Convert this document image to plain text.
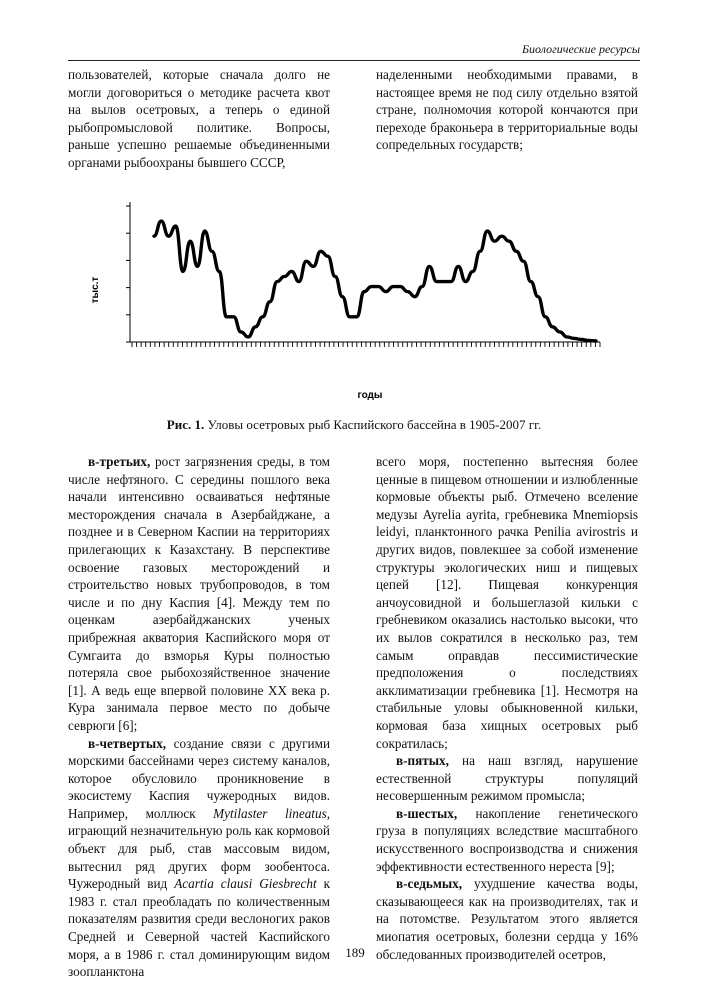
Биологические ресурсы

пользователей, которые сначала долго не могли договориться о методике расчета квот на вылов осетровых, а теперь о единой рыбопромысловой политике. Вопросы, раньше успешно решаемые объединенными органами рыбоохраны бывшего СССР,

наделенными необходимыми правами, в настоящее время не под силу отдельно взятой стране, полномочия которой кончаются при переходе браконьера в территориальные воды сопредельных государств;

тыс.т
годы
Рис. 1. Уловы осетровых рыб Каспийского бассейна в 1905-2007 гг.

в-третьих, рост загрязнения среды, в том числе нефтяного. С середины пошлого века начали интенсивно осваиваться нефтяные месторождения сначала в Азербайджане, а позднее и в Северном Каспии на территориях прилегающих к Казахстану. В перспективе освоение газовых месторождений и строительство новых трубопроводов, в том числе и по дну Каспия [4]. Между тем по оценкам азербайджанских ученых прибрежная акватория Каспийского моря от Сумгаита до взморья Куры полностью потеряла свое рыбохозяйственное значение [1]. А ведь еще впервой половине XX века р. Кура занимала первое место по добыче севрюги [6];

в-четвертых, создание связи с другими морскими бассейнами через систему каналов, которое обусловило проникновение в экосистему Каспия чужеродных видов. Например, моллюск Mytilaster lineatus, играющий незначительную роль как кормовой объект для рыб, став массовым видом, вытеснил ряд других форм зообентоса. Чужеродный вид Acartia clausi Giesbrecht к 1983 г. стал преобладать по количественным показателям развития среди веслоногих раков Средней и Северной частей Каспийского моря, а в 1986 г. стал доминирующим видом зоопланктона

всего моря, постепенно вытесняя более ценные в пищевом отношении и излюбленные кормовые объекты рыб. Отмечено вселение медузы Ayrelia ayrita, гребневика Mnemiopsis leidyi, планктонного рачка Penilia avirostris и других видов, повлекшее за собой изменение структуры экологических ниш и пищевых цепей [12]. Пищевая конкуренция анчоусовидной и большеглазой кильки с гребневиком оказались настолько высоки, что их вылов сократился в несколько раз, тем самым оправдав пессимистические предположения о последствиях акклиматизации гребневика [1]. Несмотря на стабильные уловы обыкновенной кильки, кормовая база хищных осетровых рыб сократилась;

в-пятых, на наш взгляд, нарушение естественной структуры популяций несовершенным режимом промысла;

в-шестых, накопление генетического груза в популяциях вследствие масштабного искусственного воспроизводства и снижения эффективности естественного нереста [9];

в-седьмых, ухудшение качества воды, сказывающееся как на производителях, так и на потомстве. Результатом этого является миопатия осетровых, болезни сердца у 16% обследованных производителей осетров,

189
